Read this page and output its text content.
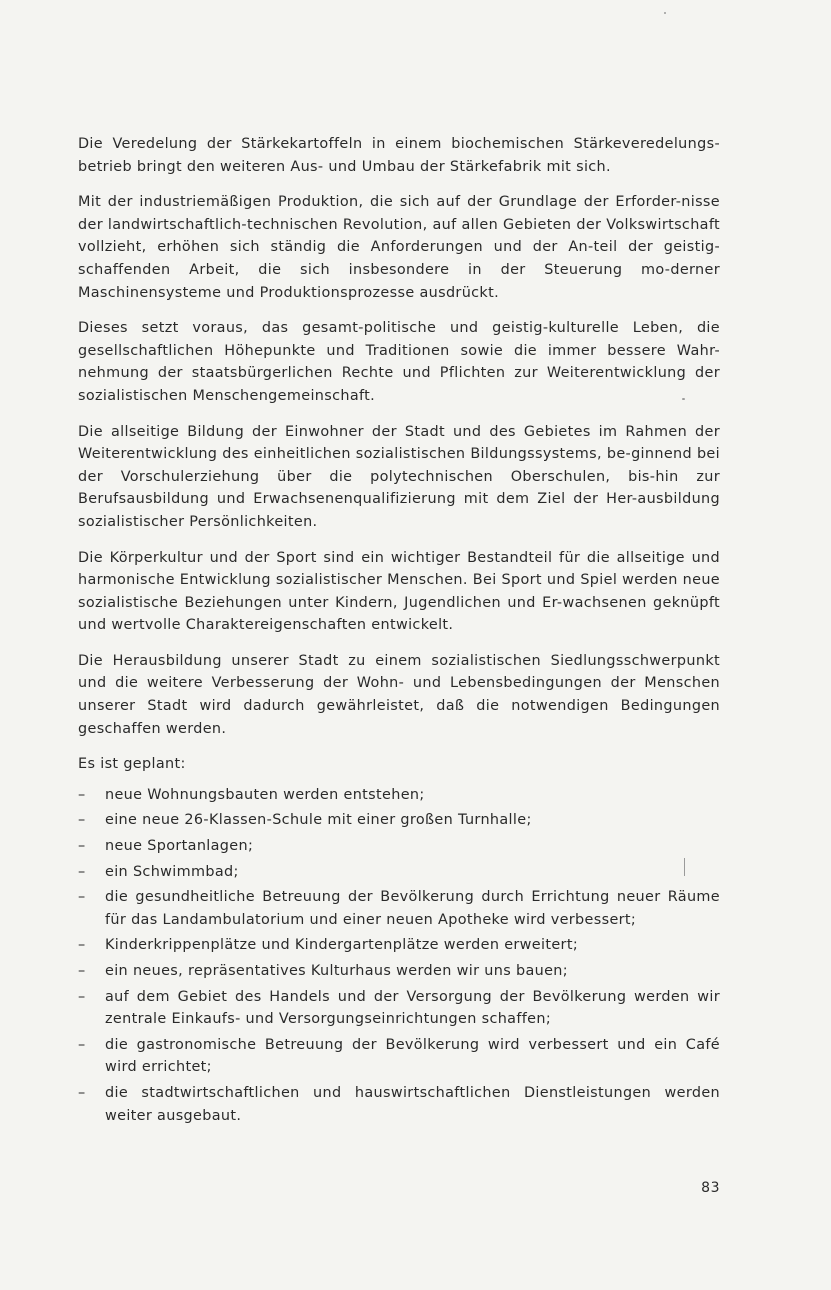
Die Veredelung der Stärkekartoffeln in einem biochemischen Stärkeveredelungs-betrieb bringt den weiteren Aus- und Umbau der Stärkefabrik mit sich.

Mit der industriemäßigen Produktion, die sich auf der Grundlage der Erforder-nisse der landwirtschaftlich-technischen Revolution, auf allen Gebieten der Volkswirtschaft vollzieht, erhöhen sich ständig die Anforderungen und der An-teil der geistig-schaffenden Arbeit, die sich insbesondere in der Steuerung mo-derner Maschinensysteme und Produktionsprozesse ausdrückt.

Dieses setzt voraus, das gesamt-politische und geistig-kulturelle Leben, die gesellschaftlichen Höhepunkte und Traditionen sowie die immer bessere Wahr-nehmung der staatsbürgerlichen Rechte und Pflichten zur Weiterentwicklung der sozialistischen Menschengemeinschaft.

Die allseitige Bildung der Einwohner der Stadt und des Gebietes im Rahmen der Weiterentwicklung des einheitlichen sozialistischen Bildungssystems, be-ginnend bei der Vorschulerziehung über die polytechnischen Oberschulen, bis-hin zur Berufsausbildung und Erwachsenenqualifizierung mit dem Ziel der Her-ausbildung sozialistischer Persönlichkeiten.

Die Körperkultur und der Sport sind ein wichtiger Bestandteil für die allseitige und harmonische Entwicklung sozialistischer Menschen. Bei Sport und Spiel werden neue sozialistische Beziehungen unter Kindern, Jugendlichen und Er-wachsenen geknüpft und wertvolle Charaktereigenschaften entwickelt.

Die Herausbildung unserer Stadt zu einem sozialistischen Siedlungsschwerpunkt und die weitere Verbesserung der Wohn- und Lebensbedingungen der Menschen unserer Stadt wird dadurch gewährleistet, daß die notwendigen Bedingungen geschaffen werden.

Es ist geplant:

–	neue Wohnungsbauten werden entstehen;
–	eine neue 26-Klassen-Schule mit einer großen Turnhalle;
–	neue Sportanlagen;
–	ein Schwimmbad;
–	die gesundheitliche Betreuung der Bevölkerung durch Errichtung neuer Räume für das Landambulatorium und einer neuen Apotheke wird verbessert;
–	Kinderkrippenplätze und Kindergartenplätze werden erweitert;
–	ein neues, repräsentatives Kulturhaus werden wir uns bauen;
–	auf dem Gebiet des Handels und der Versorgung der Bevölkerung werden wir zentrale Einkaufs- und Versorgungseinrichtungen schaffen;
–	die gastronomische Betreuung der Bevölkerung wird verbessert und ein Café wird errichtet;
–	die stadtwirtschaftlichen und hauswirtschaftlichen Dienstleistungen werden weiter ausgebaut.
83
